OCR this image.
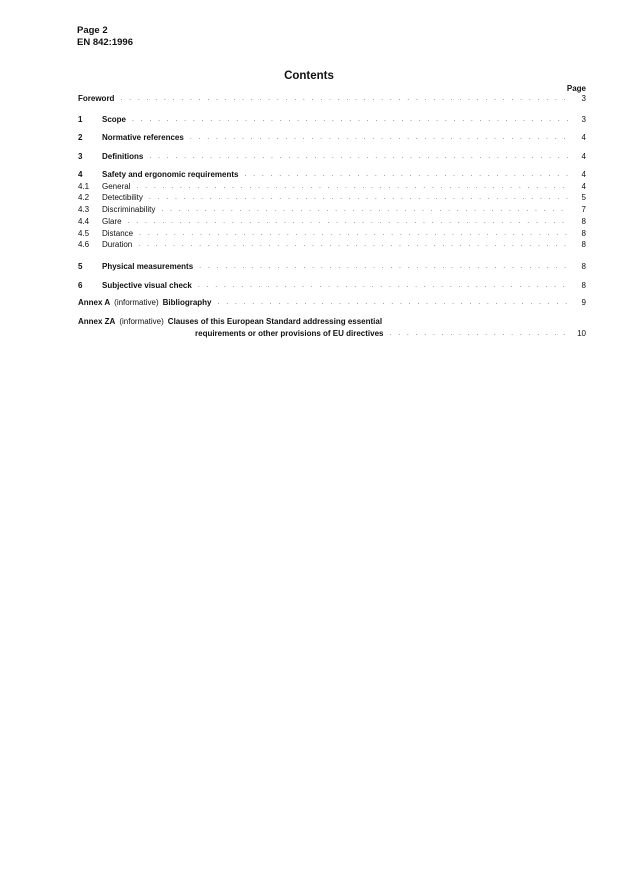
Page 2
EN 842:1996
Contents
Page
Foreword . . .	3
1	Scope . . .	3
2	Normative references . . .	4
3	Definitions . . .	4
4	Safety and ergonomic requirements . . .	4
4.1	General . . .	4
4.2	Detectibility . . .	5
4.3	Discriminability . . .	7
4.4	Glare . . .	8
4.5	Distance . . .	8
4.6	Duration . . .	8
5	Physical measurements . . .	8
6	Subjective visual check . . .	8
Annex A (informative) Bibliography . . .	9
Annex ZA (informative) Clauses of this European Standard addressing essential
requirements or other provisions of EU directives . . .	10
